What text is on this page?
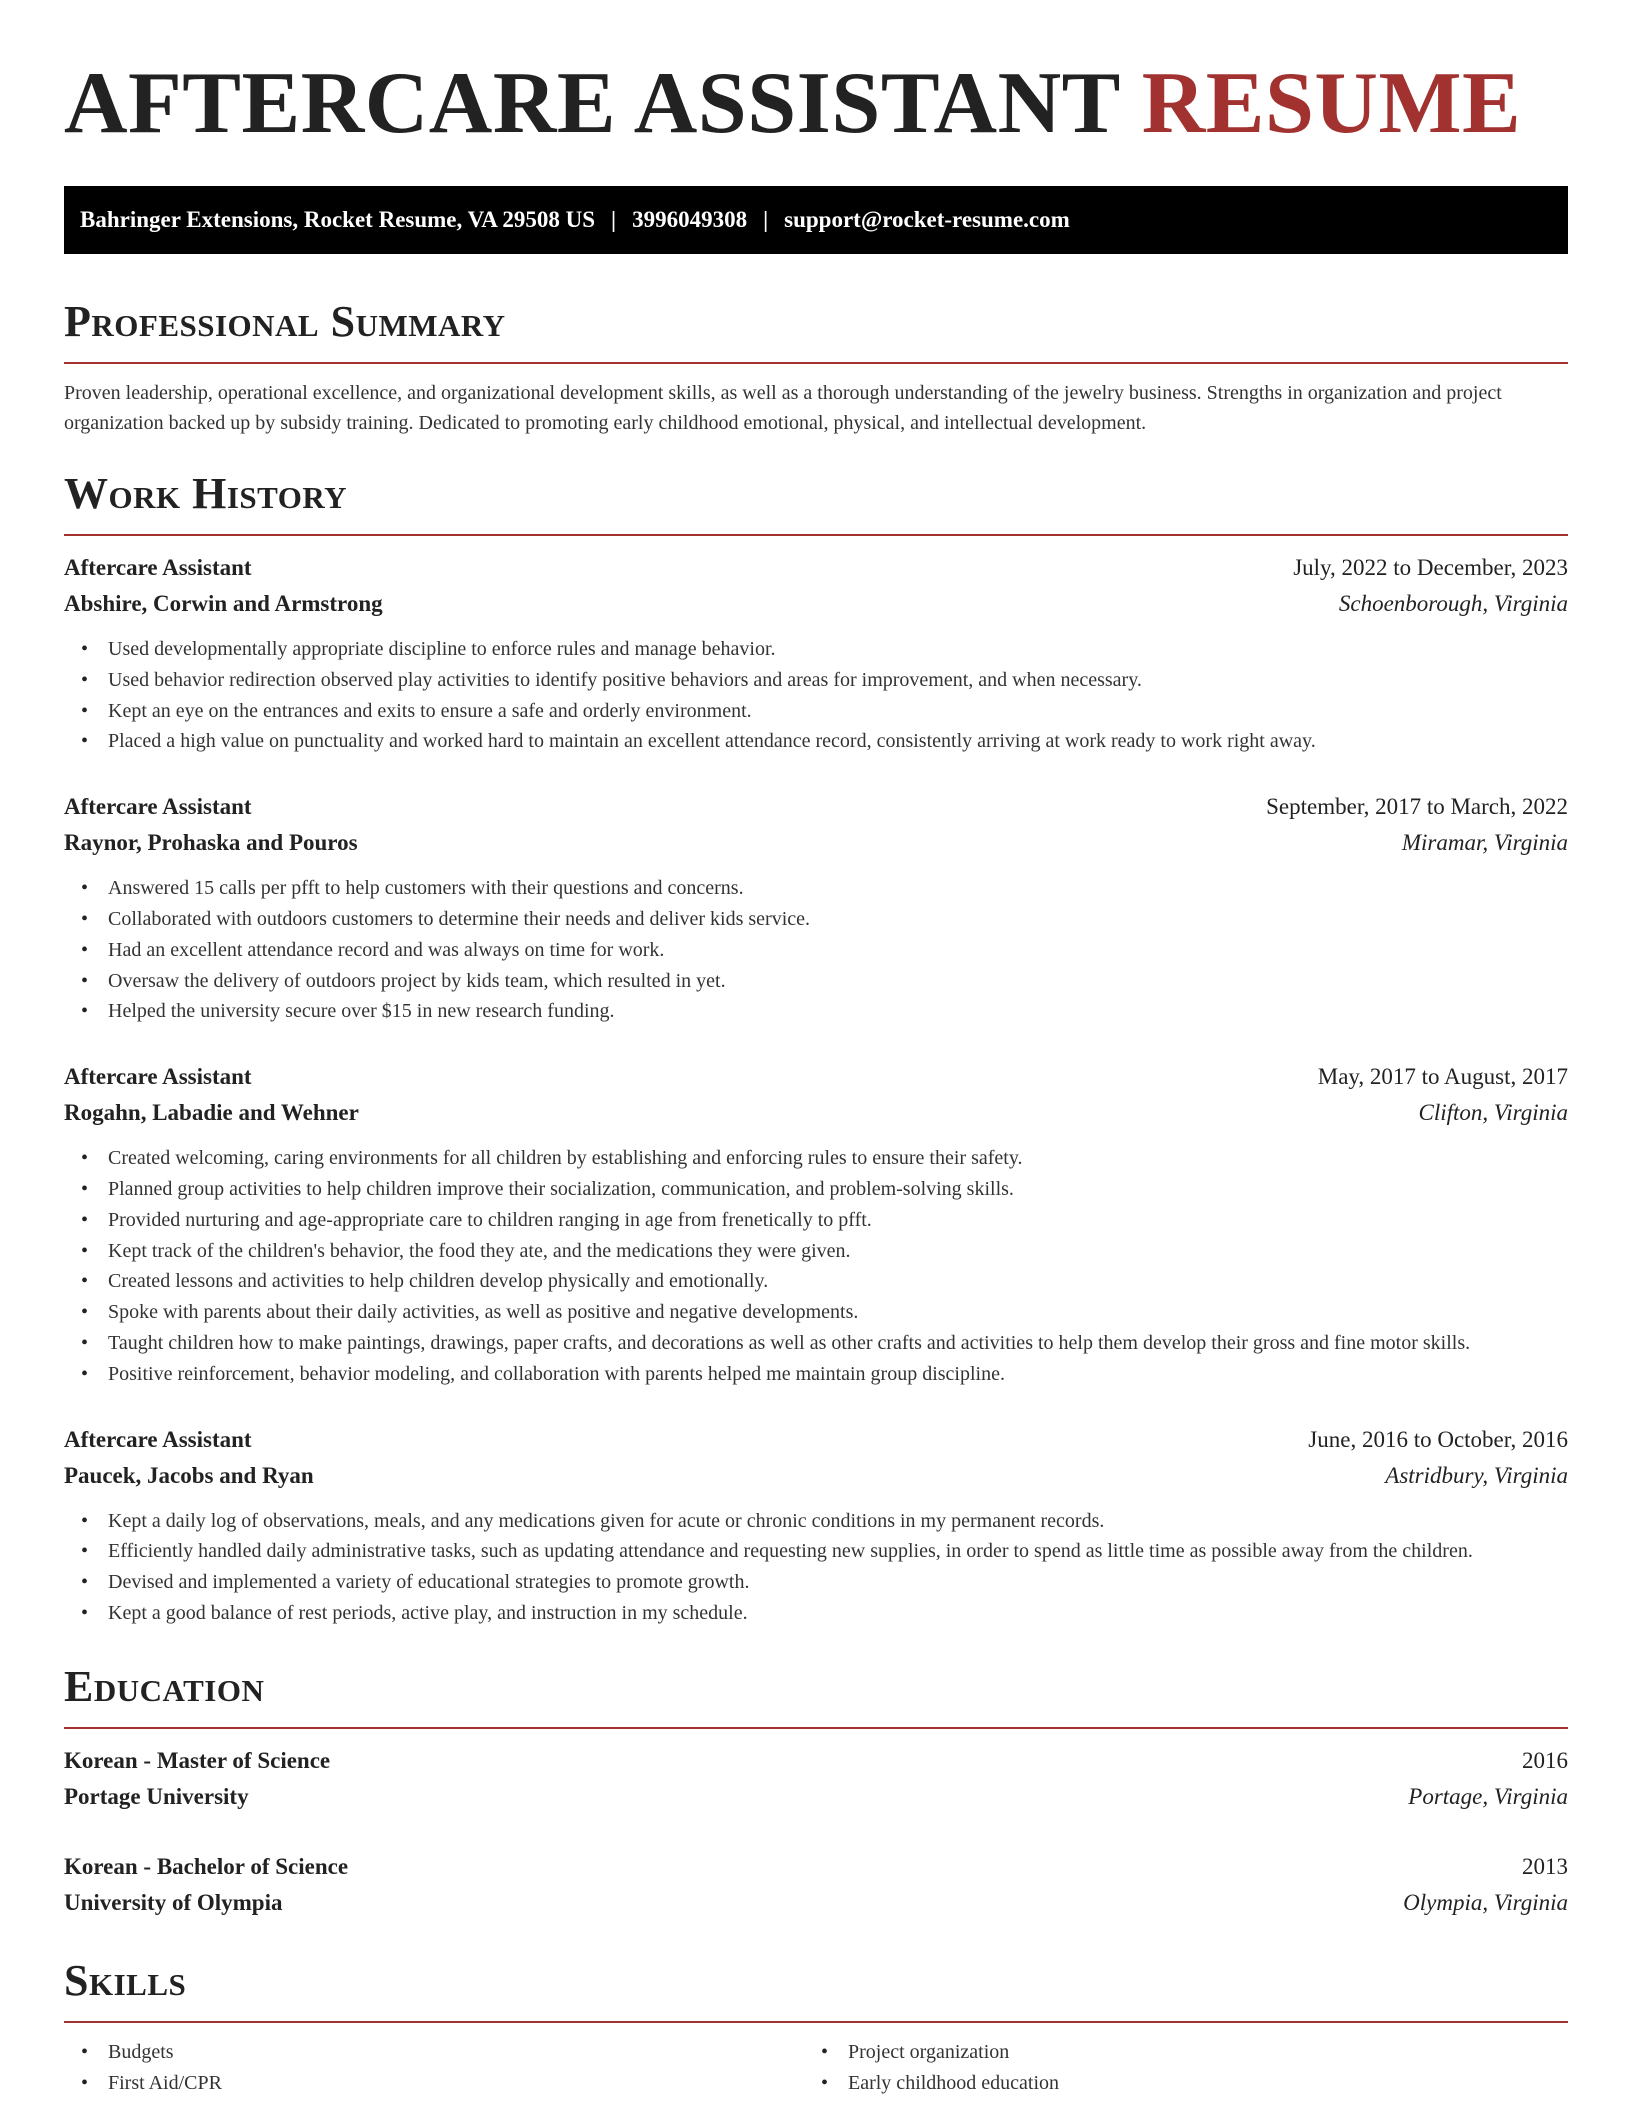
AFTERCARE ASSISTANT RESUME
Bahringer Extensions, Rocket Resume, VA 29508 US | 3996049308 | support@rocket-resume.com
Professional Summary

Proven leadership, operational excellence, and organizational development skills, as well as a thorough understanding of the jewelry business. Strengths in organization and project organization backed up by subsidy training. Dedicated to promoting early childhood emotional, physical, and intellectual development.

Work History
Aftercare Assistant	July, 2022 to December, 2023
Abshire, Corwin and Armstrong	Schoenborough, Virginia
• Used developmentally appropriate discipline to enforce rules and manage behavior.
• Used behavior redirection observed play activities to identify positive behaviors and areas for improvement, and when necessary.
• Kept an eye on the entrances and exits to ensure a safe and orderly environment.
• Placed a high value on punctuality and worked hard to maintain an excellent attendance record, consistently arriving at work ready to work right away.
Aftercare Assistant	September, 2017 to March, 2022
Raynor, Prohaska and Pouros	Miramar, Virginia
• Answered 15 calls per pfft to help customers with their questions and concerns.
• Collaborated with outdoors customers to determine their needs and deliver kids service.
• Had an excellent attendance record and was always on time for work.
• Oversaw the delivery of outdoors project by kids team, which resulted in yet.
• Helped the university secure over $15 in new research funding.
Aftercare Assistant	May, 2017 to August, 2017
Rogahn, Labadie and Wehner	Clifton, Virginia
• Created welcoming, caring environments for all children by establishing and enforcing rules to ensure their safety.
• Planned group activities to help children improve their socialization, communication, and problem-solving skills.
• Provided nurturing and age-appropriate care to children ranging in age from frenetically to pfft.
• Kept track of the children's behavior, the food they ate, and the medications they were given.
• Created lessons and activities to help children develop physically and emotionally.
• Spoke with parents about their daily activities, as well as positive and negative developments.
• Taught children how to make paintings, drawings, paper crafts, and decorations as well as other crafts and activities to help them develop their gross and fine motor skills.
• Positive reinforcement, behavior modeling, and collaboration with parents helped me maintain group discipline.
Aftercare Assistant	June, 2016 to October, 2016
Paucek, Jacobs and Ryan	Astridbury, Virginia
• Kept a daily log of observations, meals, and any medications given for acute or chronic conditions in my permanent records.
• Efficiently handled daily administrative tasks, such as updating attendance and requesting new supplies, in order to spend as little time as possible away from the children.
• Devised and implemented a variety of educational strategies to promote growth.
• Kept a good balance of rest periods, active play, and instruction in my schedule.
Education
Korean - Master of Science	2016
Portage University	Portage, Virginia
Korean - Bachelor of Science	2013
University of Olympia	Olympia, Virginia
Skills
• Budgets
• First Aid/CPR
• Project organization
• Early childhood education
